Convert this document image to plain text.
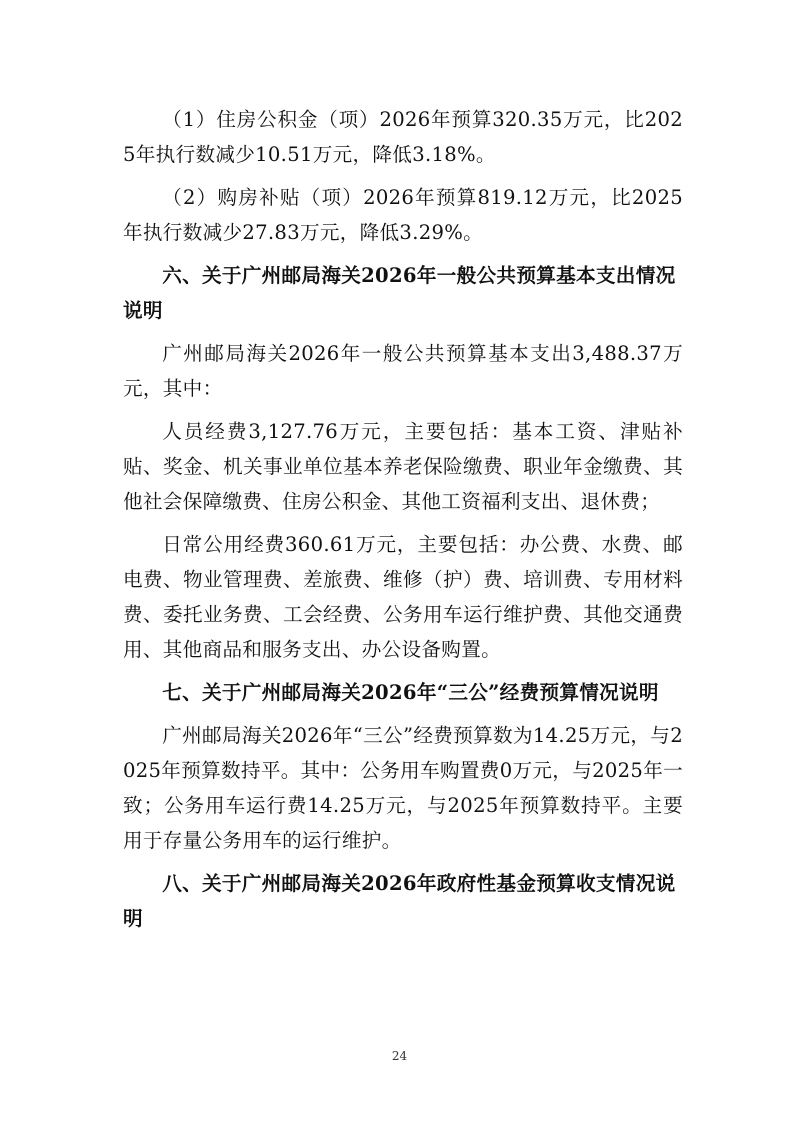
（1）住房公积金（项）2026年预算320.35万元，比2025年执行数减少10.51万元，降低3.18%。

（2）购房补贴（项）2026年预算819.12万元，比2025年执行数减少27.83万元，降低3.29%。

六、关于广州邮局海关2026年一般公共预算基本支出情况说明

广州邮局海关2026年一般公共预算基本支出3,488.37万元，其中：

人员经费3,127.76万元，主要包括：基本工资、津贴补贴、奖金、机关事业单位基本养老保险缴费、职业年金缴费、其他社会保障缴费、住房公积金、其他工资福利支出、退休费；

日常公用经费360.61万元，主要包括：办公费、水费、邮电费、物业管理费、差旅费、维修（护）费、培训费、专用材料费、委托业务费、工会经费、公务用车运行维护费、其他交通费用、其他商品和服务支出、办公设备购置。

七、关于广州邮局海关2026年“三公”经费预算情况说明

广州邮局海关2026年“三公”经费预算数为14.25万元，与2025年预算数持平。其中：公务用车购置费0万元，与2025年一致；公务用车运行费14.25万元，与2025年预算数持平。主要用于存量公务用车的运行维护。

八、关于广州邮局海关2026年政府性基金预算收支情况说明

24
